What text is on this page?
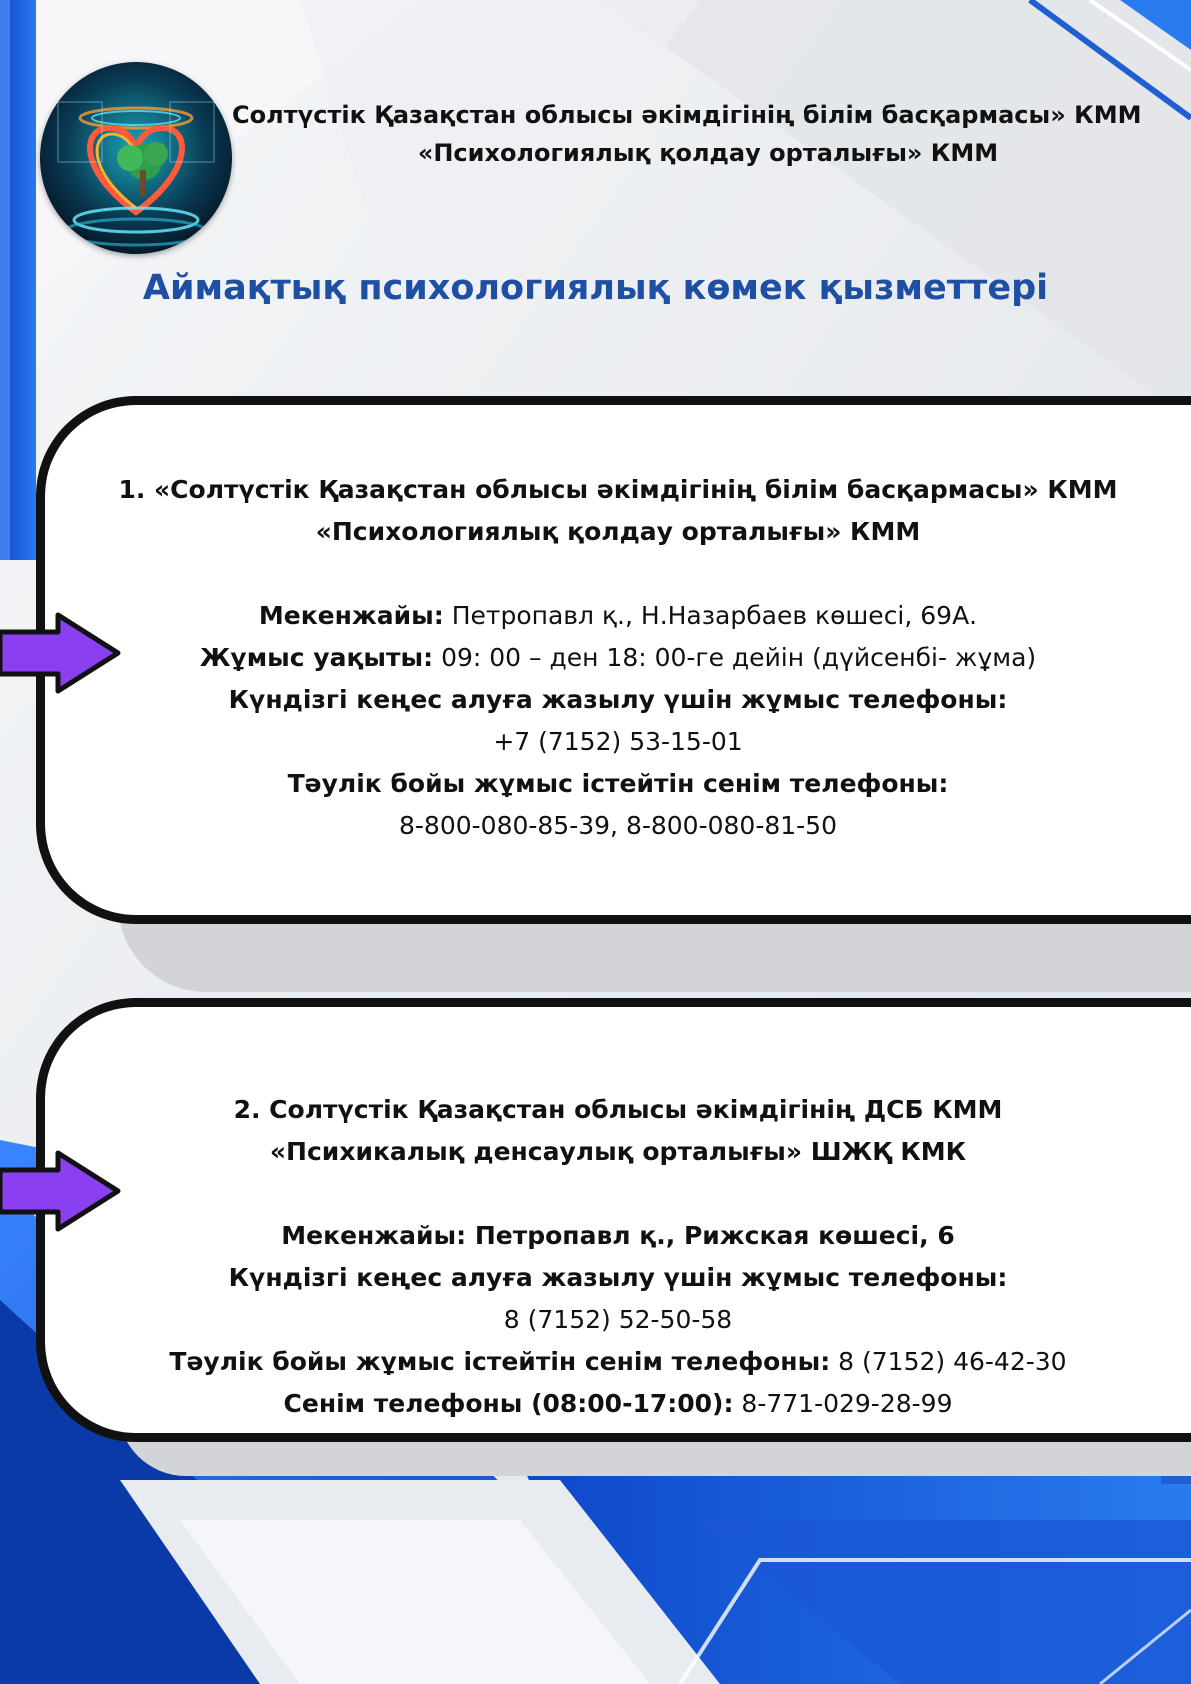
Солтүстік Қазақстан облысы әкімдігінің білім басқармасы» КММ
«Психологиялық қолдау орталығы» КММ
Аймақтық психологиялық көмек қызметтері
1. «Солтүстік Қазақстан облысы әкімдігінің білім басқармасы» КММ
«Психологиялық қолдау орталығы» КММ
Мекенжайы: Петропавл қ., Н.Назарбаев көшесі, 69А.
Жұмыс уақыты: 09: 00 – ден 18: 00-ге дейін (дүйсенбі- жұма)
Күндізгі кеңес алуға жазылу үшін жұмыс телефоны:
+7 (7152) 53-15-01
Тәулік бойы жұмыс істейтін сенім телефоны:
8-800-080-85-39, 8-800-080-81-50
2. Солтүстік Қазақстан облысы әкімдігінің ДСБ КММ
«Психикалық денсаулық орталығы» ШЖҚ КМК
Мекенжайы: Петропавл қ., Рижская көшесі, 6
Күндізгі кеңес алуға жазылу үшін жұмыс телефоны:
8 (7152) 52-50-58
Тәулік бойы жұмыс істейтін сенім телефоны: 8 (7152) 46-42-30
Сенім телефоны (08:00-17:00): 8-771-029-28-99
